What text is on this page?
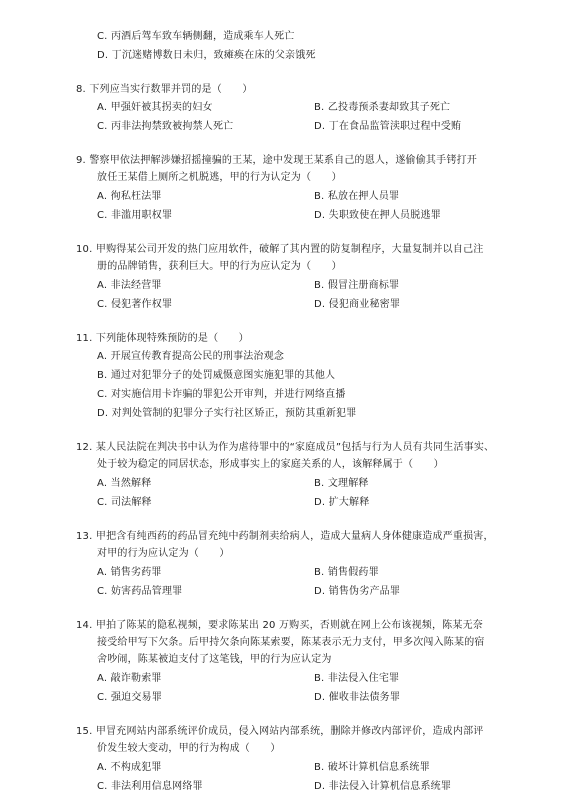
C. 丙酒后驾车致车辆侧翻，造成乘车人死亡
D. 丁沉迷赌博数日未归，致瘫痪在床的父亲饿死
8. 下列应当实行数罪并罚的是（　　）
A. 甲强奸被其拐卖的妇女	B. 乙投毒预杀妻却致其子死亡
C. 丙非法拘禁致被拘禁人死亡	D. 丁在食品监管渎职过程中受贿
9. 警察甲依法押解涉嫌招摇撞骗的王某，途中发现王某系自己的恩人，遂偷偷其手铐打开
放任王某借上厕所之机脱逃，甲的行为认定为（　　）
A. 徇私枉法罪	B. 私放在押人员罪
C. 非滥用职权罪	D. 失职致使在押人员脱逃罪
10. 甲购得某公司开发的热门应用软件，破解了其内置的防复制程序，大量复制并以自己注
册的品牌销售，获利巨大。甲的行为应认定为（　　）
A. 非法经营罪	B. 假冒注册商标罪
C. 侵犯著作权罪	D. 侵犯商业秘密罪
11. 下列能体现特殊预防的是（　　）
A. 开展宣传教育提高公民的刑事法治观念
B. 通过对犯罪分子的处罚威慑意图实施犯罪的其他人
C. 对实施信用卡诈骗的罪犯公开审判，并进行网络直播
D. 对判处管制的犯罪分子实行社区矫正，预防其重新犯罪
12. 某人民法院在判决书中认为作为虐待罪中的“家庭成员”包括与行为人员有共同生活事实、
处于较为稳定的同居状态，形成事实上的家庭关系的人，该解释属于（　　）
A. 当然解释	B. 文理解释
C. 司法解释	D. 扩大解释
13. 甲把含有纯西药的药品冒充纯中药制剂卖给病人，造成大量病人身体健康造成严重损害，
对甲的行为应认定为（　　）
A. 销售劣药罪	B. 销售假药罪
C. 妨害药品管理罪	D. 销售伪劣产品罪
14. 甲拍了陈某的隐私视频，要求陈某出 20 万购买，否则就在网上公布该视频，陈某无奈
接受给甲写下欠条。后甲持欠条向陈某索要，陈某表示无力支付，甲多次闯入陈某的宿
舍吵闹，陈某被迫支付了这笔钱，甲的行为应认定为
A. 敲诈勒索罪	B. 非法侵入住宅罪
C. 强迫交易罪	D. 催收非法债务罪
15. 甲冒充网站内部系统评价成员，侵入网站内部系统，删除并修改内部评价，造成内部评
价发生较大变动，甲的行为构成（　　）
A. 不构成犯罪	B. 破坏计算机信息系统罪
C. 非法利用信息网络罪	D. 非法侵入计算机信息系统罪
